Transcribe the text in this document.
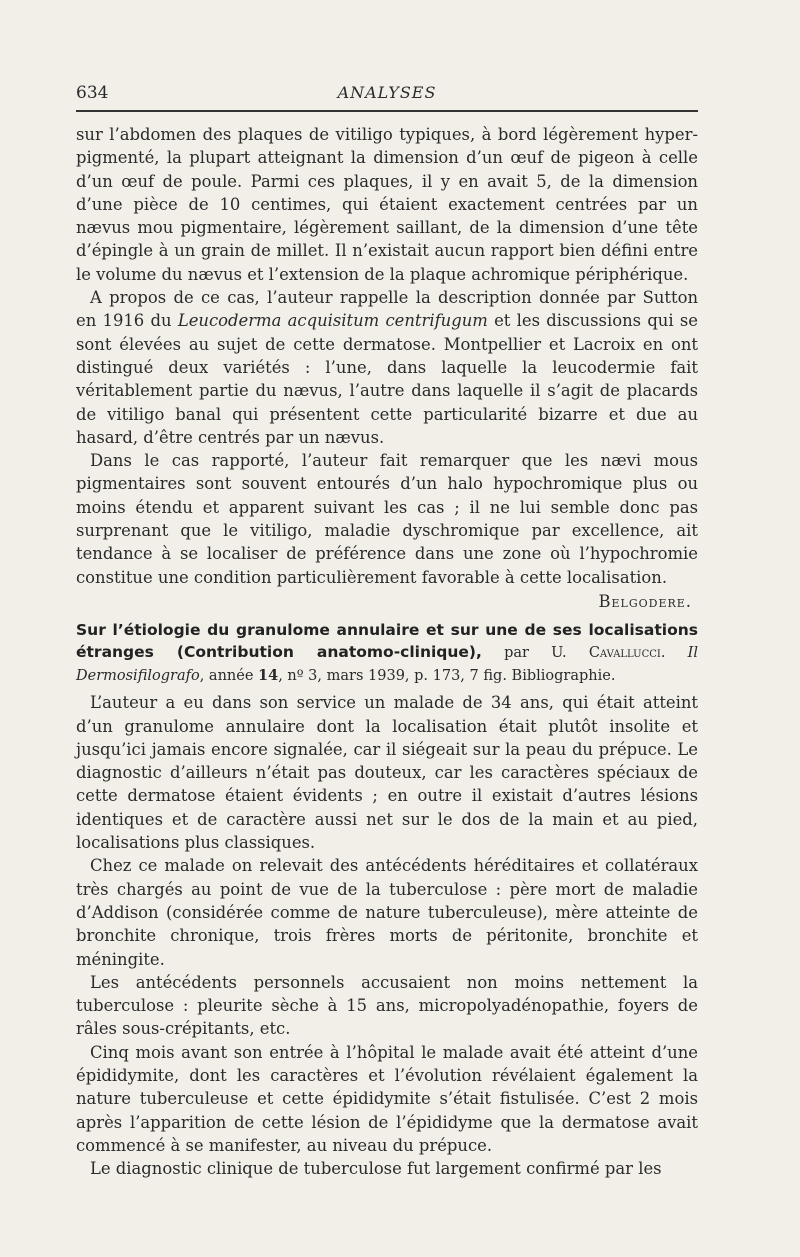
634	ANALYSES

sur l’abdomen des plaques de vitiligo typiques, à bord légèrement hyper-pigmenté, la plupart atteignant la dimension d’un œuf de pigeon à celle d’un œuf de poule. Parmi ces plaques, il y en avait 5, de la dimension d’une pièce de 10 centimes, qui étaient exactement centrées par un nævus mou pigmentaire, légèrement saillant, de la dimension d’une tête d’épingle à un grain de millet. Il n’existait aucun rapport bien défini entre le volume du nævus et l’extension de la plaque achromique périphérique.

A propos de ce cas, l’auteur rappelle la description donnée par Sutton en 1916 du Leucoderma acquisitum centrifugum et les discussions qui se sont élevées au sujet de cette dermatose. Montpellier et Lacroix en ont distingué deux variétés : l’une, dans laquelle la leucodermie fait véritablement partie du nævus, l’autre dans laquelle il s’agit de placards de vitiligo banal qui présentent cette particularité bizarre et due au hasard, d’être centrés par un nævus.

Dans le cas rapporté, l’auteur fait remarquer que les nævi mous pigmentaires sont souvent entourés d’un halo hypochromique plus ou moins étendu et apparent suivant les cas ; il ne lui semble donc pas surprenant que le vitiligo, maladie dyschromique par excellence, ait tendance à se localiser de préférence dans une zone où l’hypochromie constitue une condition particulièrement favorable à cette localisation.

Belgodere.
Sur l’étiologie du granulome annulaire et sur une de ses localisations étranges (Contribution anatomo-clinique), par U. Cavallucci. Il Dermosifilografo, année 14, nº 3, mars 1939, p. 173, 7 fig. Bibliographie.

L’auteur a eu dans son service un malade de 34 ans, qui était atteint d’un granulome annulaire dont la localisation était plutôt insolite et jusqu’ici jamais encore signalée, car il siégeait sur la peau du prépuce. Le diagnostic d’ailleurs n’était pas douteux, car les caractères spéciaux de cette dermatose étaient évidents ; en outre il existait d’autres lésions identiques et de caractère aussi net sur le dos de la main et au pied, localisations plus classiques.

Chez ce malade on relevait des antécédents héréditaires et collatéraux très chargés au point de vue de la tuberculose : père mort de maladie d’Addison (considérée comme de nature tuberculeuse), mère atteinte de bronchite chronique, trois frères morts de péritonite, bronchite et méningite.

Les antécédents personnels accusaient non moins nettement la tuberculose : pleurite sèche à 15 ans, micropolyadénopathie, foyers de râles sous-crépitants, etc.

Cinq mois avant son entrée à l’hôpital le malade avait été atteint d’une épididymite, dont les caractères et l’évolution révélaient également la nature tuberculeuse et cette épididymite s’était fistulisée. C’est 2 mois après l’apparition de cette lésion de l’épididyme que la dermatose avait commencé à se manifester, au niveau du prépuce.

Le diagnostic clinique de tuberculose fut largement confirmé par les
